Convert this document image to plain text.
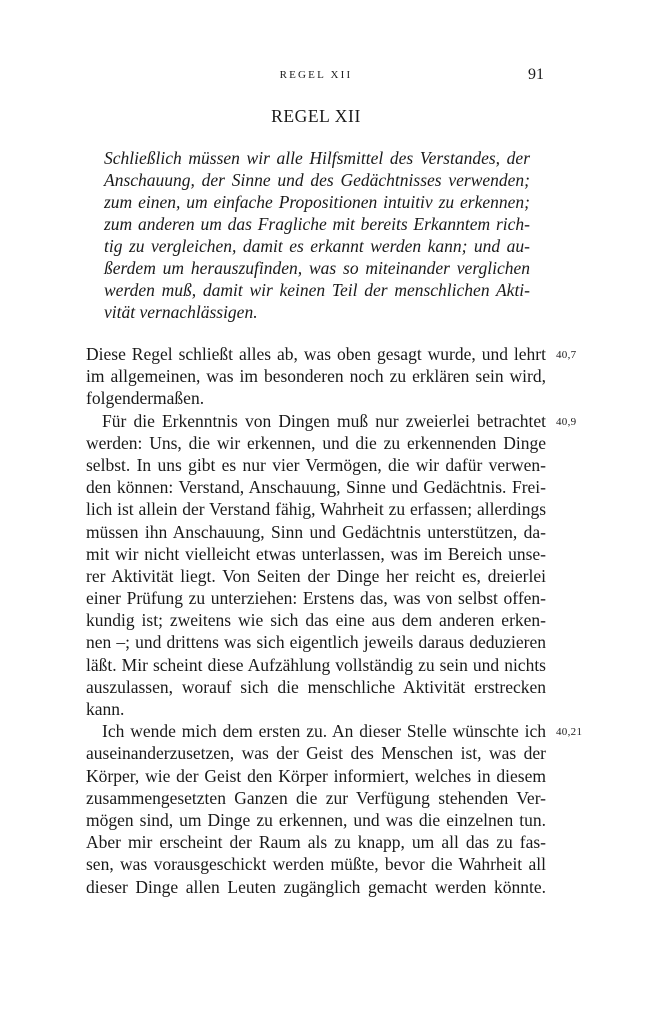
REGEL XII	91
REGEL XII
Schließlich müssen wir alle Hilfsmittel des Verstandes, der
Anschauung, der Sinne und des Gedächtnisses verwenden;
zum einen, um einfache Propositionen intuitiv zu erkennen;
zum anderen um das Fragliche mit bereits Erkanntem rich-
tig zu vergleichen, damit es erkannt werden kann; und au-
ßerdem um herauszufinden, was so miteinander verglichen
werden muß, damit wir keinen Teil der menschlichen Akti-
vität vernachlässigen.
Diese Regel schließt alles ab, was oben gesagt wurde, und lehrt 40,7
im allgemeinen, was im besonderen noch zu erklären sein wird,
folgendermaßen.
Für die Erkenntnis von Dingen muß nur zweierlei betrachtet 40,9
werden: Uns, die wir erkennen, und die zu erkennenden Dinge
selbst. In uns gibt es nur vier Vermögen, die wir dafür verwen-
den können: Verstand, Anschauung, Sinne und Gedächtnis. Frei-
lich ist allein der Verstand fähig, Wahrheit zu erfassen; allerdings
müssen ihn Anschauung, Sinn und Gedächtnis unterstützen, da-
mit wir nicht vielleicht etwas unterlassen, was im Bereich unse-
rer Aktivität liegt. Von Seiten der Dinge her reicht es, dreierlei
einer Prüfung zu unterziehen: Erstens das, was von selbst offen-
kundig ist; zweitens wie sich das eine aus dem anderen erken-
nen –; und drittens was sich eigentlich jeweils daraus deduzieren
läßt. Mir scheint diese Aufzählung vollständig zu sein und nichts
auszulassen, worauf sich die menschliche Aktivität erstrecken
kann.
Ich wende mich dem ersten zu. An dieser Stelle wünschte ich 40,21
auseinanderzusetzen, was der Geist des Menschen ist, was der
Körper, wie der Geist den Körper informiert, welches in diesem
zusammengesetzten Ganzen die zur Verfügung stehenden Ver-
mögen sind, um Dinge zu erkennen, und was die einzelnen tun.
Aber mir erscheint der Raum als zu knapp, um all das zu fas-
sen, was vorausgeschickt werden müßte, bevor die Wahrheit all
dieser Dinge allen Leuten zugänglich gemacht werden könnte.
